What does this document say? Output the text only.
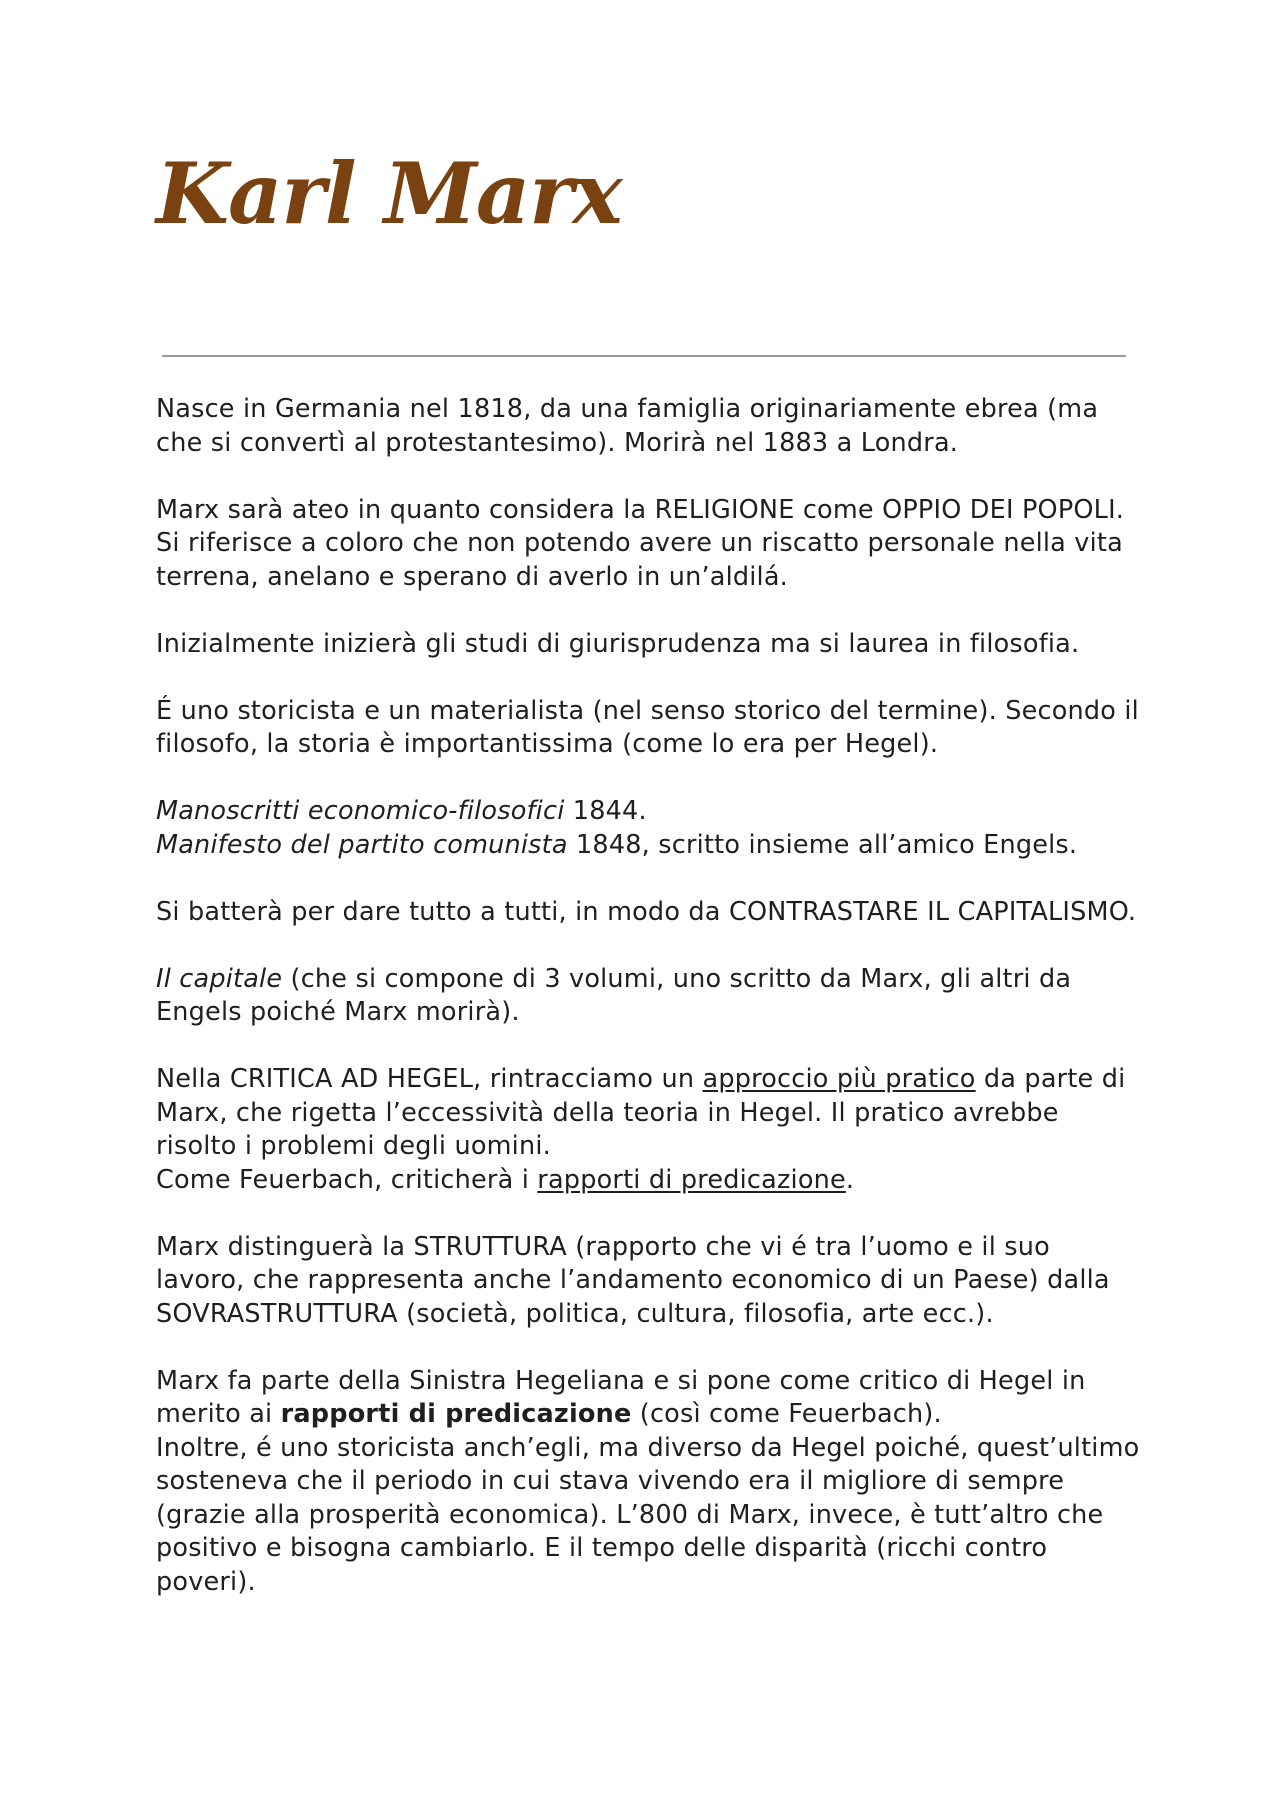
Karl Marx

Nasce in Germania nel 1818, da una famiglia originariamente ebrea (ma che si convertì al protestantesimo). Morirà nel 1883 a Londra.

Marx sarà ateo in quanto considera la RELIGIONE come OPPIO DEI POPOLI. Si riferisce a coloro che non potendo avere un riscatto personale nella vita terrena, anelano e sperano di averlo in un’aldilá.

Inizialmente inizierà gli studi di giurisprudenza ma si laurea in filosofia.

É uno storicista e un materialista (nel senso storico del termine). Secondo il filosofo, la storia è importantissima (come lo era per Hegel).

Manoscritti economico-filosofici 1844.
Manifesto del partito comunista 1848, scritto insieme all’amico Engels.

Si batterà per dare tutto a tutti, in modo da CONTRASTARE IL CAPITALISMO.

Il capitale (che si compone di 3 volumi, uno scritto da Marx, gli altri da Engels poiché Marx morirà).

Nella CRITICA AD HEGEL, rintracciamo un approccio più pratico da parte di Marx, che rigetta l’eccessività della teoria in Hegel. Il pratico avrebbe risolto i problemi degli uomini.
Come Feuerbach, criticherà i rapporti di predicazione.

Marx distinguerà la STRUTTURA (rapporto che vi é tra l’uomo e il suo lavoro, che rappresenta anche l’andamento economico di un Paese) dalla SOVRASTRUTTURA (società, politica, cultura, filosofia, arte ecc.).

Marx fa parte della Sinistra Hegeliana e si pone come critico di Hegel in merito ai rapporti di predicazione (così come Feuerbach).
Inoltre, é uno storicista anch’egli, ma diverso da Hegel poiché, quest’ultimo sosteneva che il periodo in cui stava vivendo era il migliore di sempre (grazie alla prosperità economica). L’800 di Marx, invece, è tutt’altro che positivo e bisogna cambiarlo. E il tempo delle disparità (ricchi contro poveri).
